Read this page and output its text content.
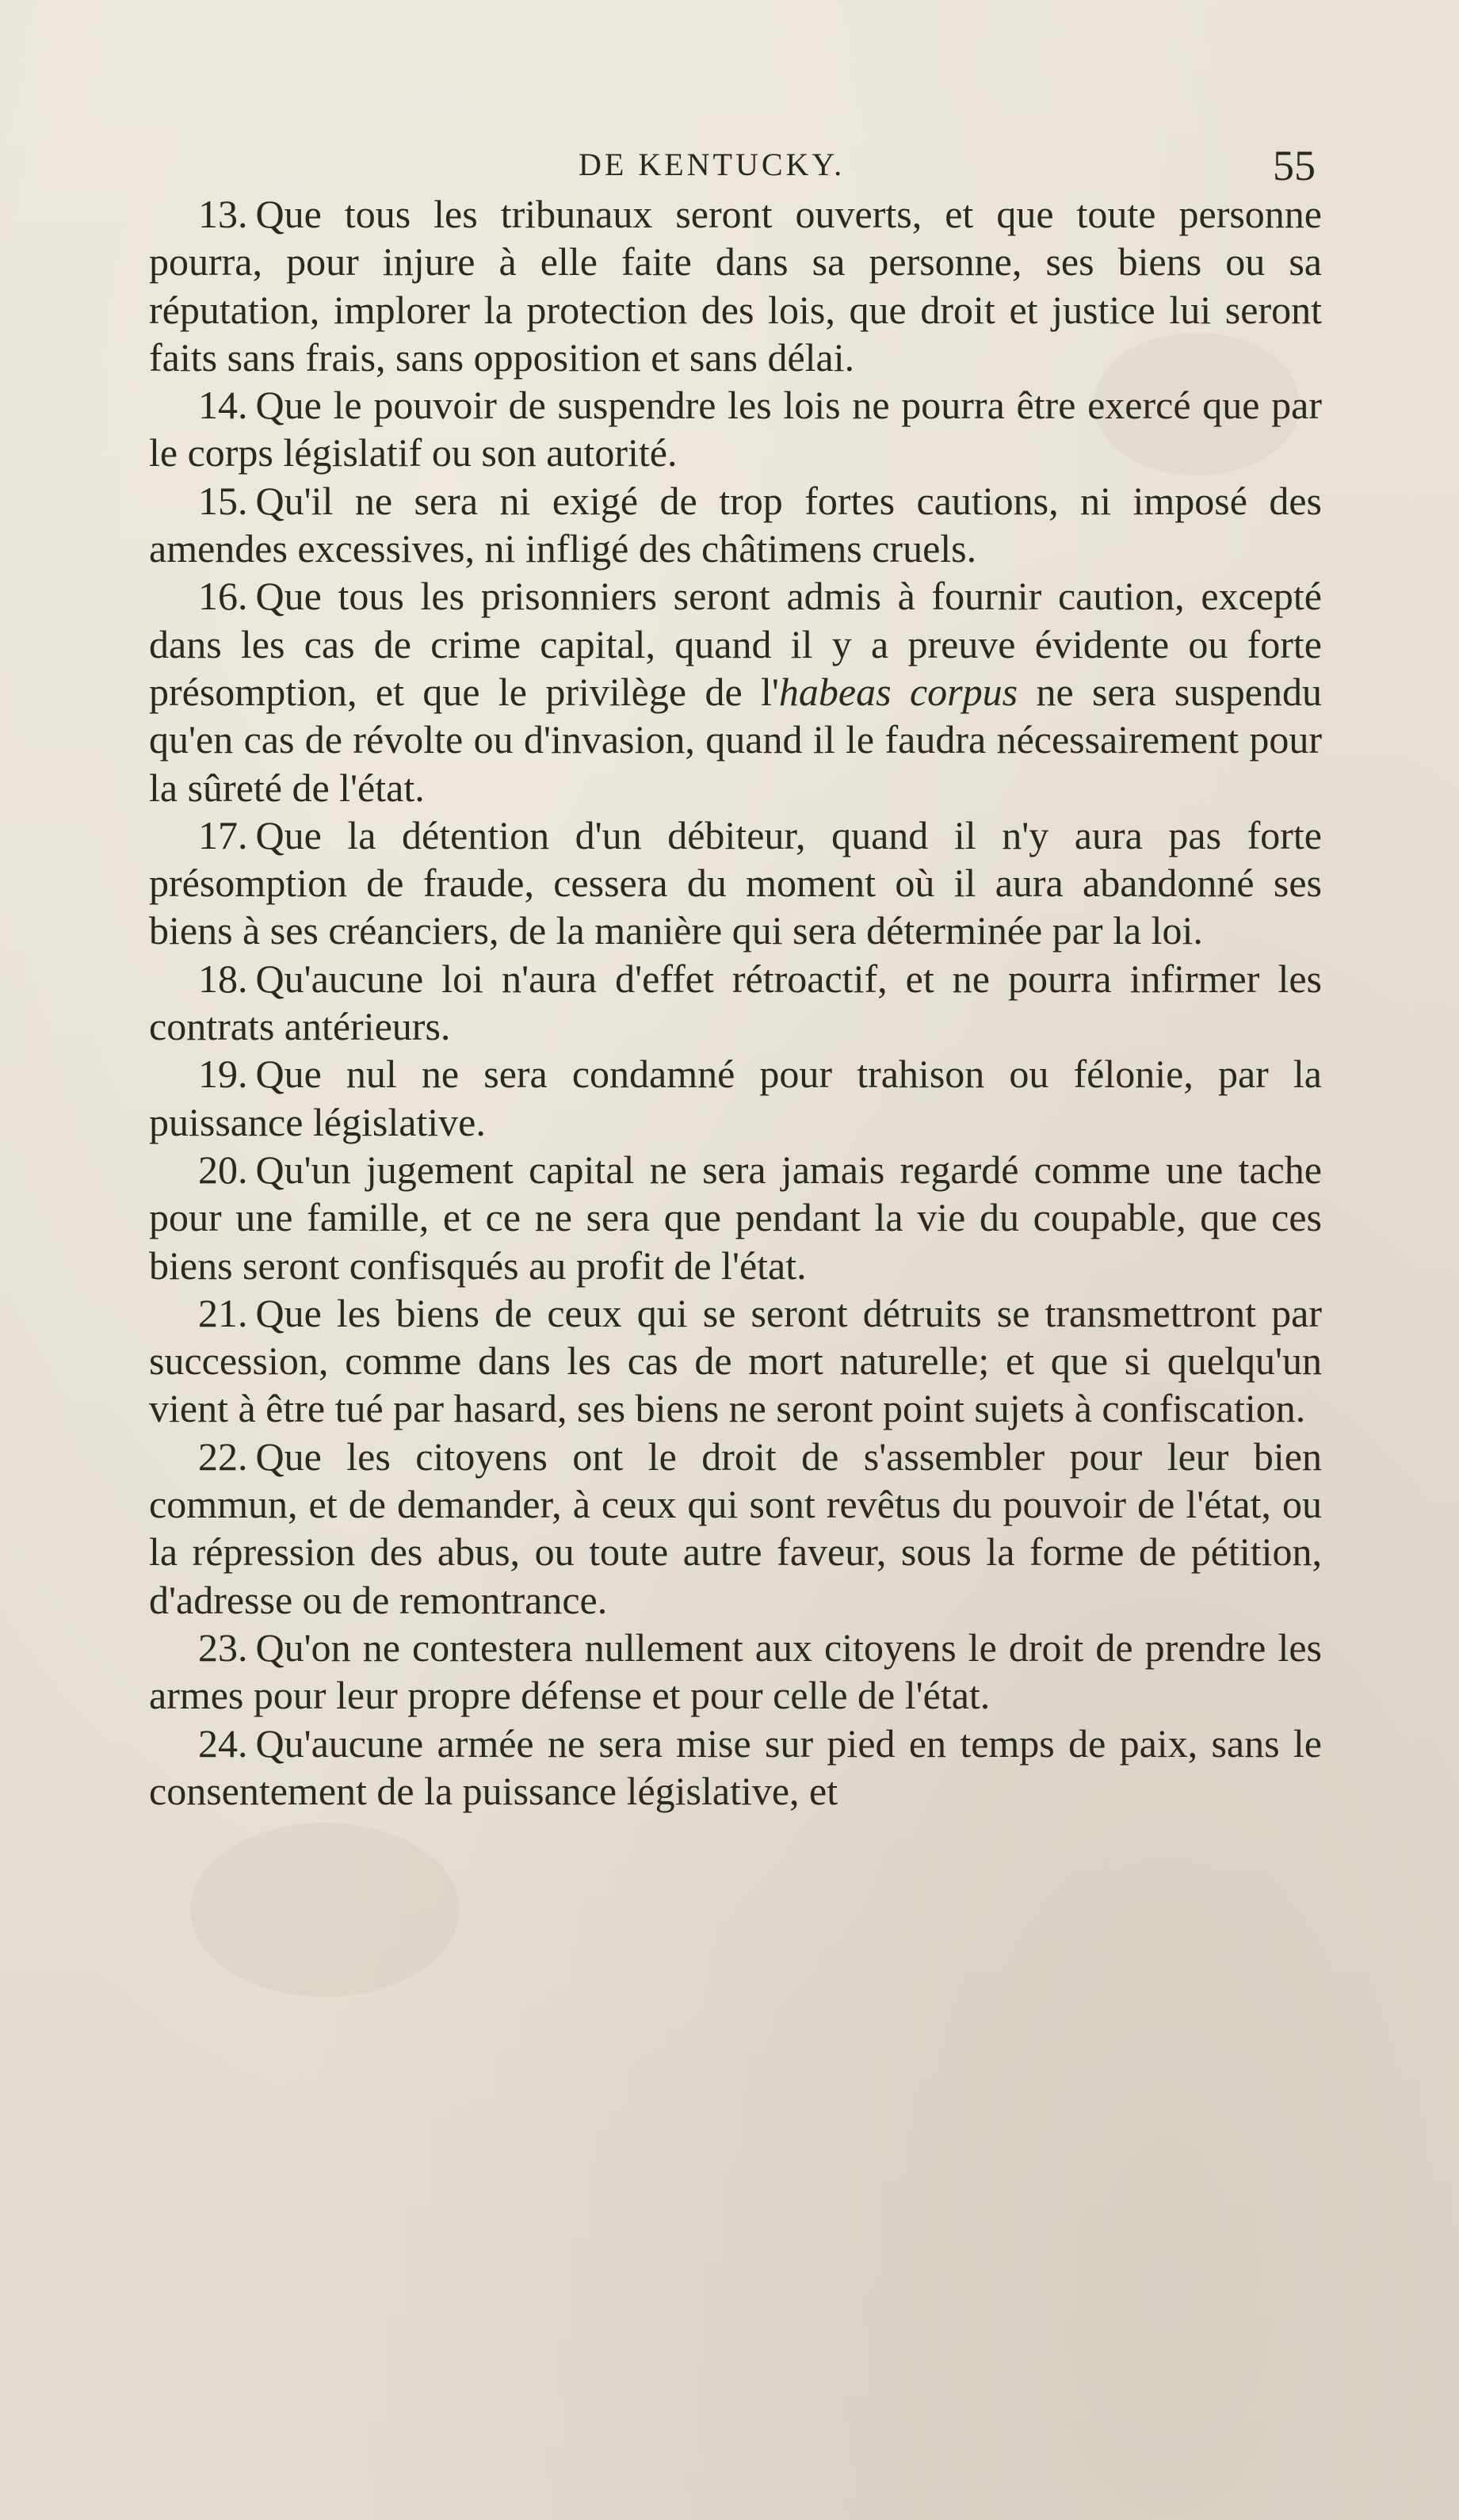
DE KENTUCKY.	55

13. Que tous les tribunaux seront ouverts, et que toute personne pourra, pour injure à elle faite dans sa personne, ses biens ou sa réputation, implorer la protection des lois, que droit et justice lui seront faits sans frais, sans opposition et sans délai.

14. Que le pouvoir de suspendre les lois ne pourra être exercé que par le corps législatif ou son autorité.

15. Qu'il ne sera ni exigé de trop fortes cautions, ni imposé des amendes excessives, ni infligé des châtimens cruels.

16. Que tous les prisonniers seront admis à fournir caution, excepté dans les cas de crime capital, quand il y a preuve évidente ou forte présomption, et que le privilège de l'habeas corpus ne sera suspendu qu'en cas de révolte ou d'invasion, quand il le faudra nécessairement pour la sûreté de l'état.

17. Que la détention d'un débiteur, quand il n'y aura pas forte présomption de fraude, cessera du moment où il aura abandonné ses biens à ses créanciers, de la manière qui sera déterminée par la loi.

18. Qu'aucune loi n'aura d'effet rétroactif, et ne pourra infirmer les contrats antérieurs.

19. Que nul ne sera condamné pour trahison ou félonie, par la puissance législative.

20. Qu'un jugement capital ne sera jamais regardé comme une tache pour une famille, et ce ne sera que pendant la vie du coupable, que ces biens seront confisqués au profit de l'état.

21. Que les biens de ceux qui se seront détruits se transmettront par succession, comme dans les cas de mort naturelle; et que si quelqu'un vient à être tué par hasard, ses biens ne seront point sujets à confiscation.

22. Que les citoyens ont le droit de s'assembler pour leur bien commun, et de demander, à ceux qui sont revêtus du pouvoir de l'état, ou la répression des abus, ou toute autre faveur, sous la forme de pétition, d'adresse ou de remontrance.

23. Qu'on ne contestera nullement aux citoyens le droit de prendre les armes pour leur propre défense et pour celle de l'état.

24. Qu'aucune armée ne sera mise sur pied en temps de paix, sans le consentement de la puissance législative, et
